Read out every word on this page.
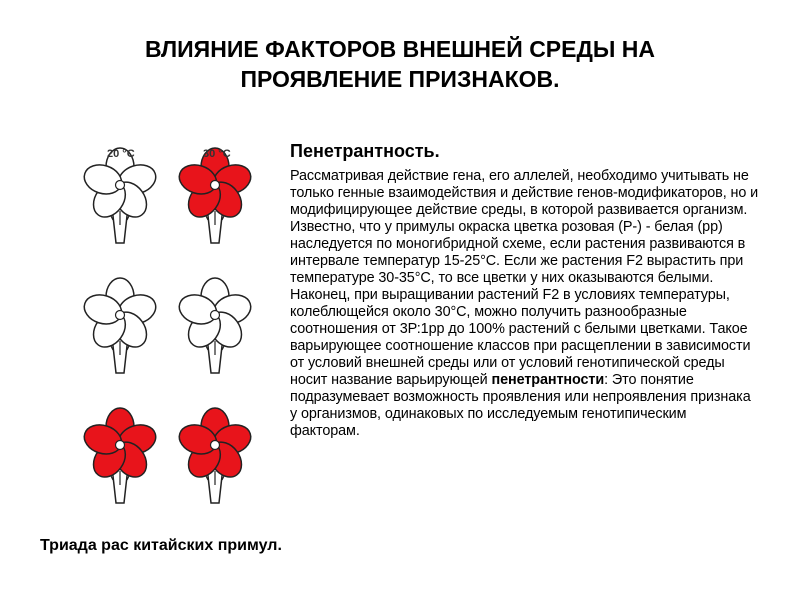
ВЛИЯНИЕ ФАКТОРОВ ВНЕШНЕЙ СРЕДЫ НА
ПРОЯВЛЕНИЕ ПРИЗНАКОВ.
20 °C	30 °C	Пенетрантность.

Рассматривая действие гена, его аллелей, необходимо учитывать не только генные взаимодействия и действие генов-модификаторов, но и модифицирующее действие среды, в которой развивается организм. Известно, что у примулы окраска цветка розовая (Р-) - белая (рр) наследуется по моногибридной схеме, если растения развиваются в интервале температур 15-25°С. Если же растения F2 вырастить при температуре 30-35°С, то все цветки у них оказываются белыми. Наконец, при выращивании растений F2 в условиях температуры, колеблющейся около 30°С, можно получить разнообразные соотношения от 3Р:1рр до 100% растений с белыми цветками. Такое варьирующее соотношение классов при расщеплении в зависимости от условий внешней среды или от условий генотипической среды носит название варьирующей пенетрантности: Это понятие подразумевает возможность проявления или непроявления признака у организмов, одинаковых по исследуемым генотипическим факторам.

Триада рас китайских примул.
